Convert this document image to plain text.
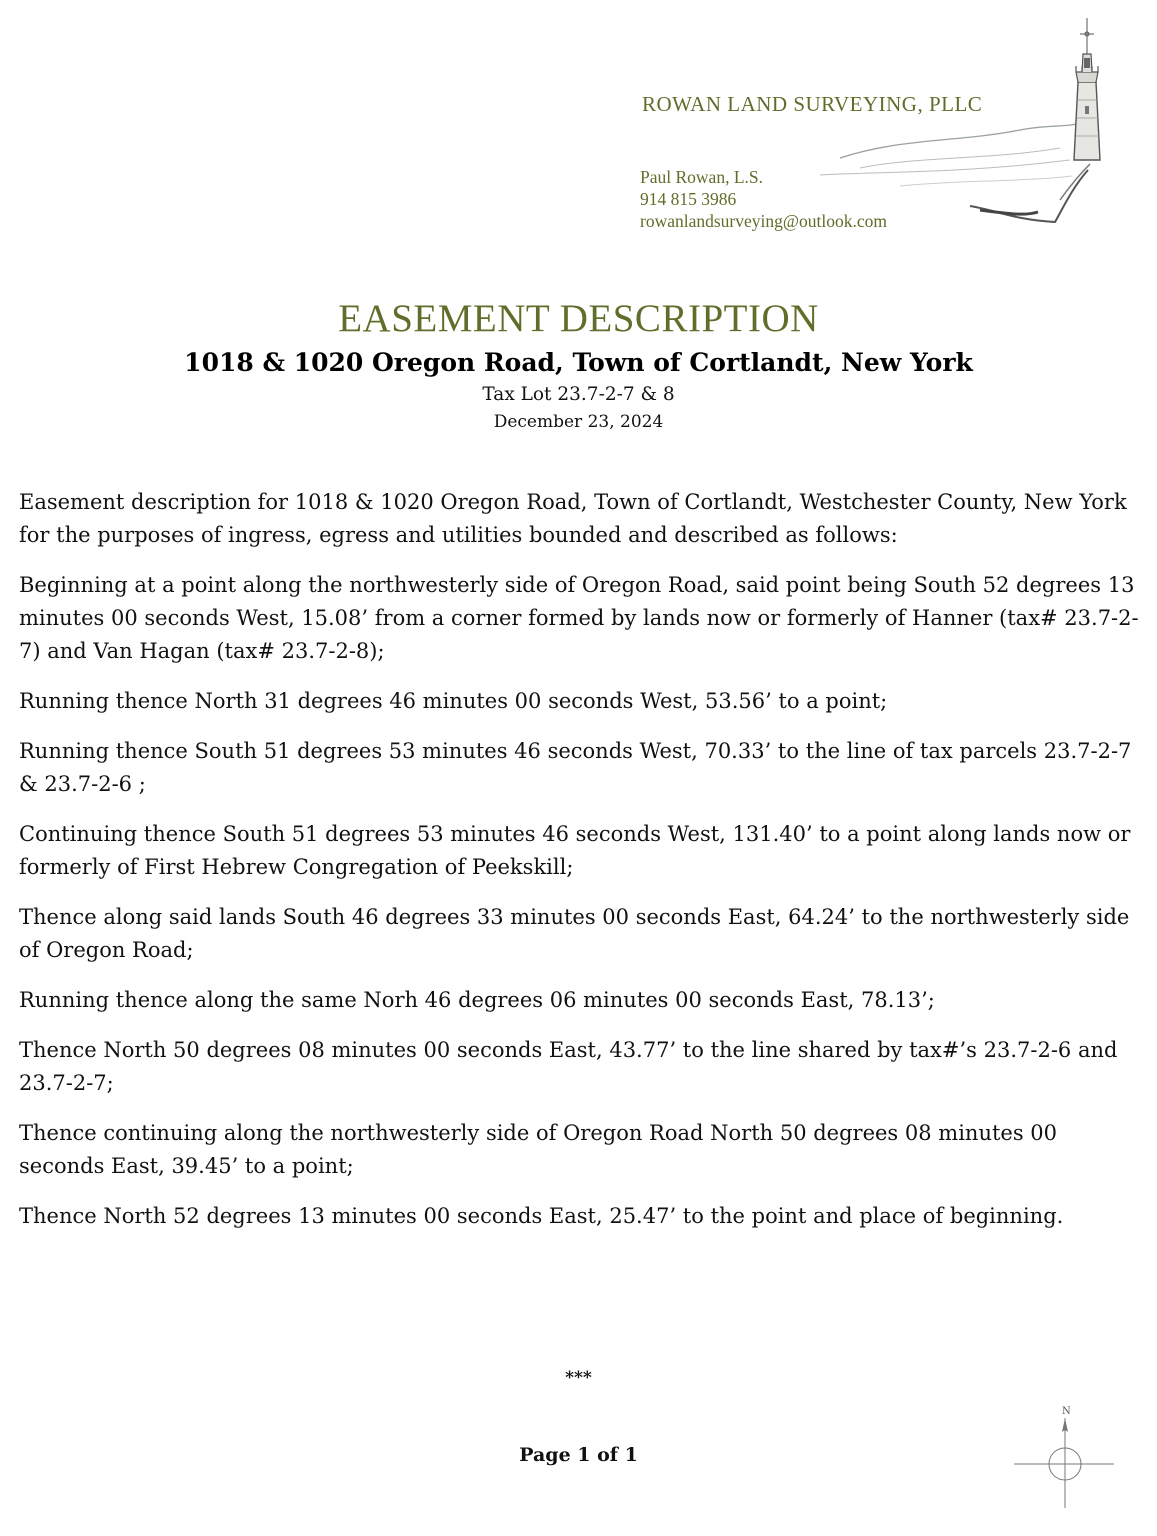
ROWAN LAND SURVEYING, PLLC
Paul Rowan, L.S.
914 815 3986
rowanlandsurveying@outlook.com
EASEMENT DESCRIPTION
1018 & 1020 Oregon Road, Town of Cortlandt, New York
Tax Lot 23.7-2-7 & 8
December 23, 2024

Easement description for 1018 & 1020 Oregon Road, Town of Cortlandt, Westchester County, New York for the purposes of ingress, egress and utilities bounded and described as follows:

Beginning at a point along the northwesterly side of Oregon Road, said point being South 52 degrees 13 minutes 00 seconds West, 15.08’ from a corner formed by lands now or formerly of Hanner (tax# 23.7-2-7) and Van Hagan (tax# 23.7-2-8);

Running thence North 31 degrees 46 minutes 00 seconds West, 53.56’ to a point;

Running thence South 51 degrees 53 minutes 46 seconds West, 70.33’ to the line of tax parcels 23.7-2-7 & 23.7-2-6 ;

Continuing thence South 51 degrees 53 minutes 46 seconds West, 131.40’ to a point along lands now or formerly of First Hebrew Congregation of Peekskill;

Thence along said lands South 46 degrees 33 minutes 00 seconds East, 64.24’ to the northwesterly side of Oregon Road;

Running thence along the same Norh 46 degrees 06 minutes 00 seconds East, 78.13’;

Thence North 50 degrees 08 minutes 00 seconds East, 43.77’ to the line shared by tax#’s 23.7-2-6 and 23.7-2-7;

Thence continuing along the northwesterly side of Oregon Road North 50 degrees 08 minutes 00 seconds East, 39.45’ to a point;

Thence North 52 degrees 13 minutes 00 seconds East, 25.47’ to the point and place of beginning.

***
Page 1 of 1
N
